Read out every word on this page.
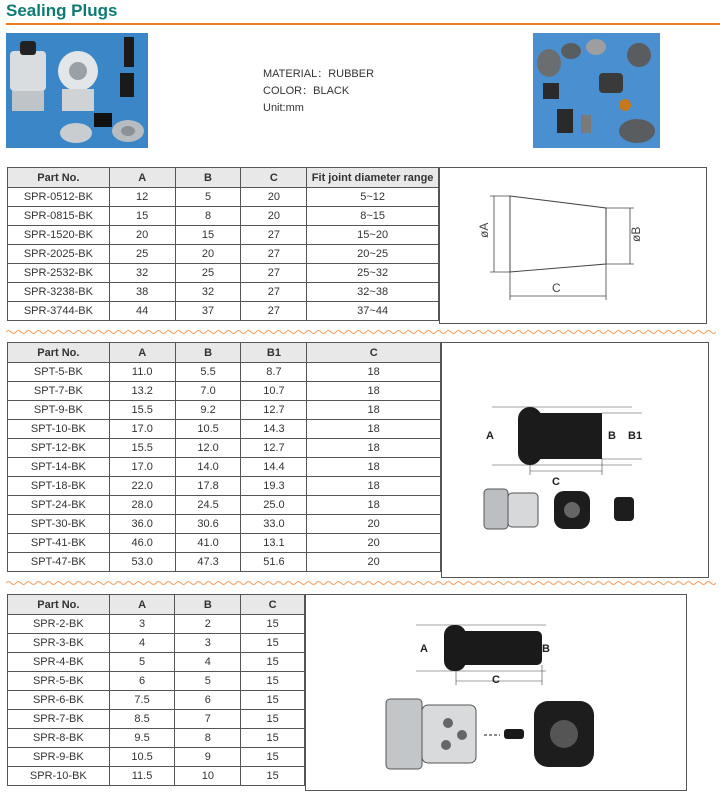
Sealing Plugs
MATERIAL：RUBBER
COLOR：BLACK
Unit:mm
Part No.	A	B	C	Fit joint diameter range
SPR-0512-BK	12	5	20	5~12
SPR-0815-BK	15	8	20	8~15
SPR-1520-BK	20	15	27	15~20
SPR-2025-BK	25	20	27	20~25
SPR-2532-BK	32	25	27	25~32
SPR-3238-BK	38	32	27	32~38
SPR-3744-BK	44	37	27	37~44
øA	øB
C
Part No.	A	B	B1	C
SPT-5-BK	11.0	5.5	8.7	18
SPT-7-BK	13.2	7.0	10.7	18
SPT-9-BK	15.5	9.2	12.7	18
SPT-10-BK	17.0	10.5	14.3	18
SPT-12-BK	15.5	12.0	12.7	18
SPT-14-BK	17.0	14.0	14.4	18
SPT-18-BK	22.0	17.8	19.3	18
SPT-24-BK	28.0	24.5	25.0	18
SPT-30-BK	36.0	30.6	33.0	20
SPT-41-BK	46.0	41.0	13.1	20
SPT-47-BK	53.0	47.3	51.6	20
A	B B1
C
Part No.	A	B	C
SPR-2-BK	3	2	15
SPR-3-BK	4	3	15
SPR-4-BK	5	4	15
SPR-5-BK	6	5	15
SPR-6-BK	7.5	6	15
SPR-7-BK	8.5	7	15
SPR-8-BK	9.5	8	15
SPR-9-BK	10.5	9	15
SPR-10-BK	11.5	10	15
A	B
C
